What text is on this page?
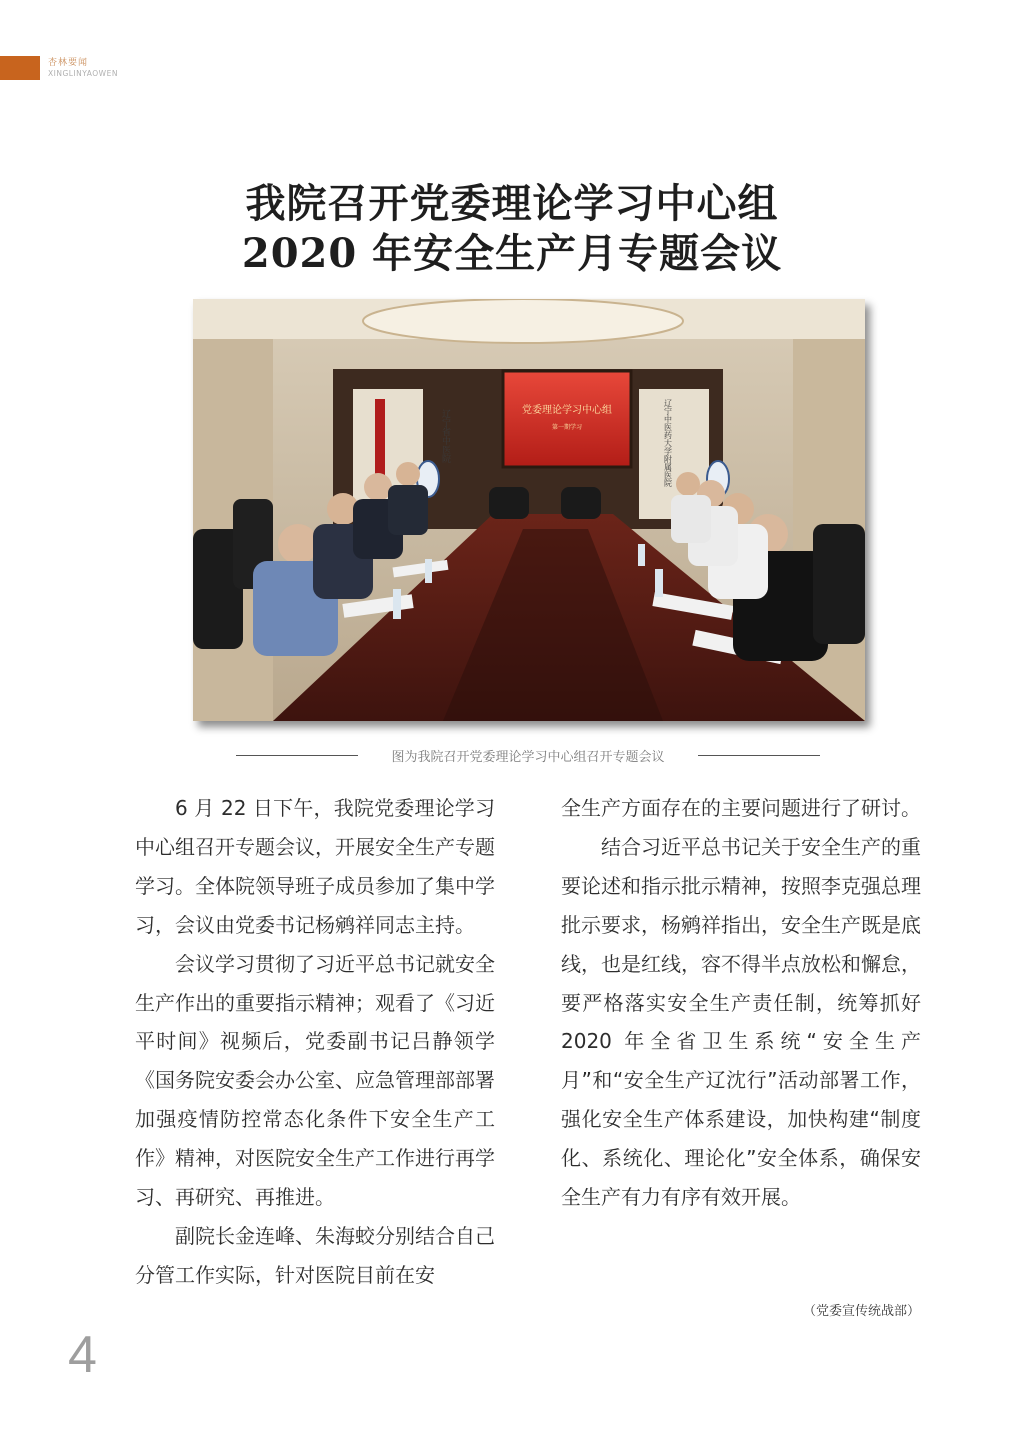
杏林要闻
XINGLINYAOWEN
我院召开党委理论学习中心组
2020 年安全生产月专题会议
党委理论学习中心组
第一期学习
辽宁省中医院	辽宁中医药大学附属医院
图为我院召开党委理论学习中心组召开专题会议

6 月 22 日下午，我院党委理论学习中心组召开专题会议，开展安全生产专题学习。全体院领导班子成员参加了集中学习，会议由党委书记杨鹓祥同志主持。

会议学习贯彻了习近平总书记就安全生产作出的重要指示精神；观看了《习近平时间》视频后，党委副书记吕静领学《国务院安委会办公室、应急管理部部署加强疫情防控常态化条件下安全生产工作》精神，对医院安全生产工作进行再学习、再研究、再推进。

副院长金连峰、朱海蛟分别结合自己分管工作实际，针对医院目前在安

全生产方面存在的主要问题进行了研讨。

结合习近平总书记关于安全生产的重要论述和指示批示精神，按照李克强总理批示要求，杨鹓祥指出，安全生产既是底线，也是红线，容不得半点放松和懈怠，要严格落实安全生产责任制，统筹抓好 2020 年全省卫生系统“安全生产月”和“安全生产辽沈行”活动部署工作，强化安全生产体系建设，加快构建“制度化、系统化、理论化”安全体系，确保安全生产有力有序有效开展。

（党委宣传统战部）
4
